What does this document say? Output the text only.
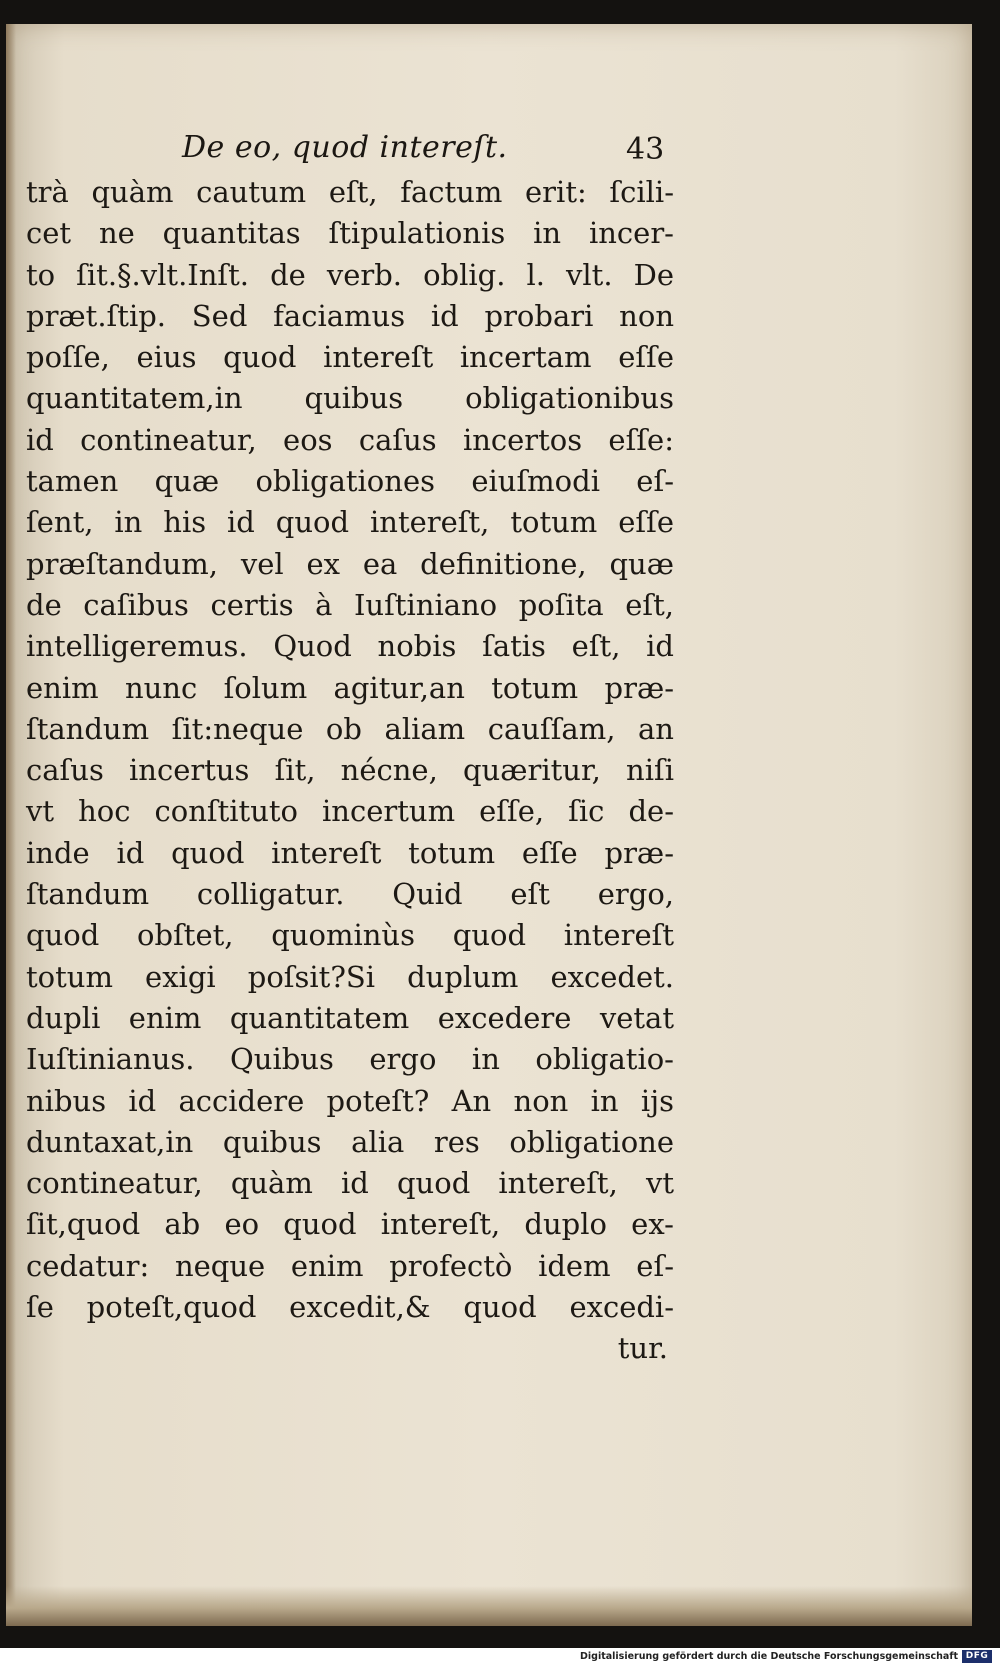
De eo, quod intereſt.	43
trà quàm cautum eſt, factum erit: ſcili-
cet ne quantitas ſtipulationis in incer-
to ſit.§.vlt.Inſt. de verb. oblig. l. vlt. De
præt.ſtip. Sed faciamus id probari non
poſſe, eius quod intereſt incertam eſſe
quantitatem,in quibus obligationibus
id contineatur, eos caſus incertos eſſe:
tamen quæ obligationes eiuſmodi eſ-
ſent, in his id quod intereſt, totum eſſe
præſtandum, vel ex ea definitione, quæ
de caſibus certis à Iuſtiniano poſita eſt,
intelligeremus. Quod nobis ſatis eſt, id
enim nunc ſolum agitur,an totum præ-
ſtandum ſit:neque ob aliam cauſſam, an
caſus incertus ſit, nécne, quæritur, niſi
vt hoc conſtituto incertum eſſe, ſic de-
inde id quod intereſt totum eſſe præ-
ſtandum colligatur. Quid eſt ergo,
quod obſtet, quominùs quod intereſt
totum exigi poſsit?Si duplum excedet.
dupli enim quantitatem excedere vetat
Iuſtinianus. Quibus ergo in obligatio-
nibus id accidere poteſt? An non in ijs
duntaxat,in quibus alia res obligatione
contineatur, quàm id quod intereſt, vt
ſit,quod ab eo quod intereſt, duplo ex-
cedatur: neque enim profectò idem eſ-
ſe poteſt,quod excedit,& quod excedi-
tur.
Digitalisierung gefördert durch die Deutsche Forschungsgemeinschaft DFG
